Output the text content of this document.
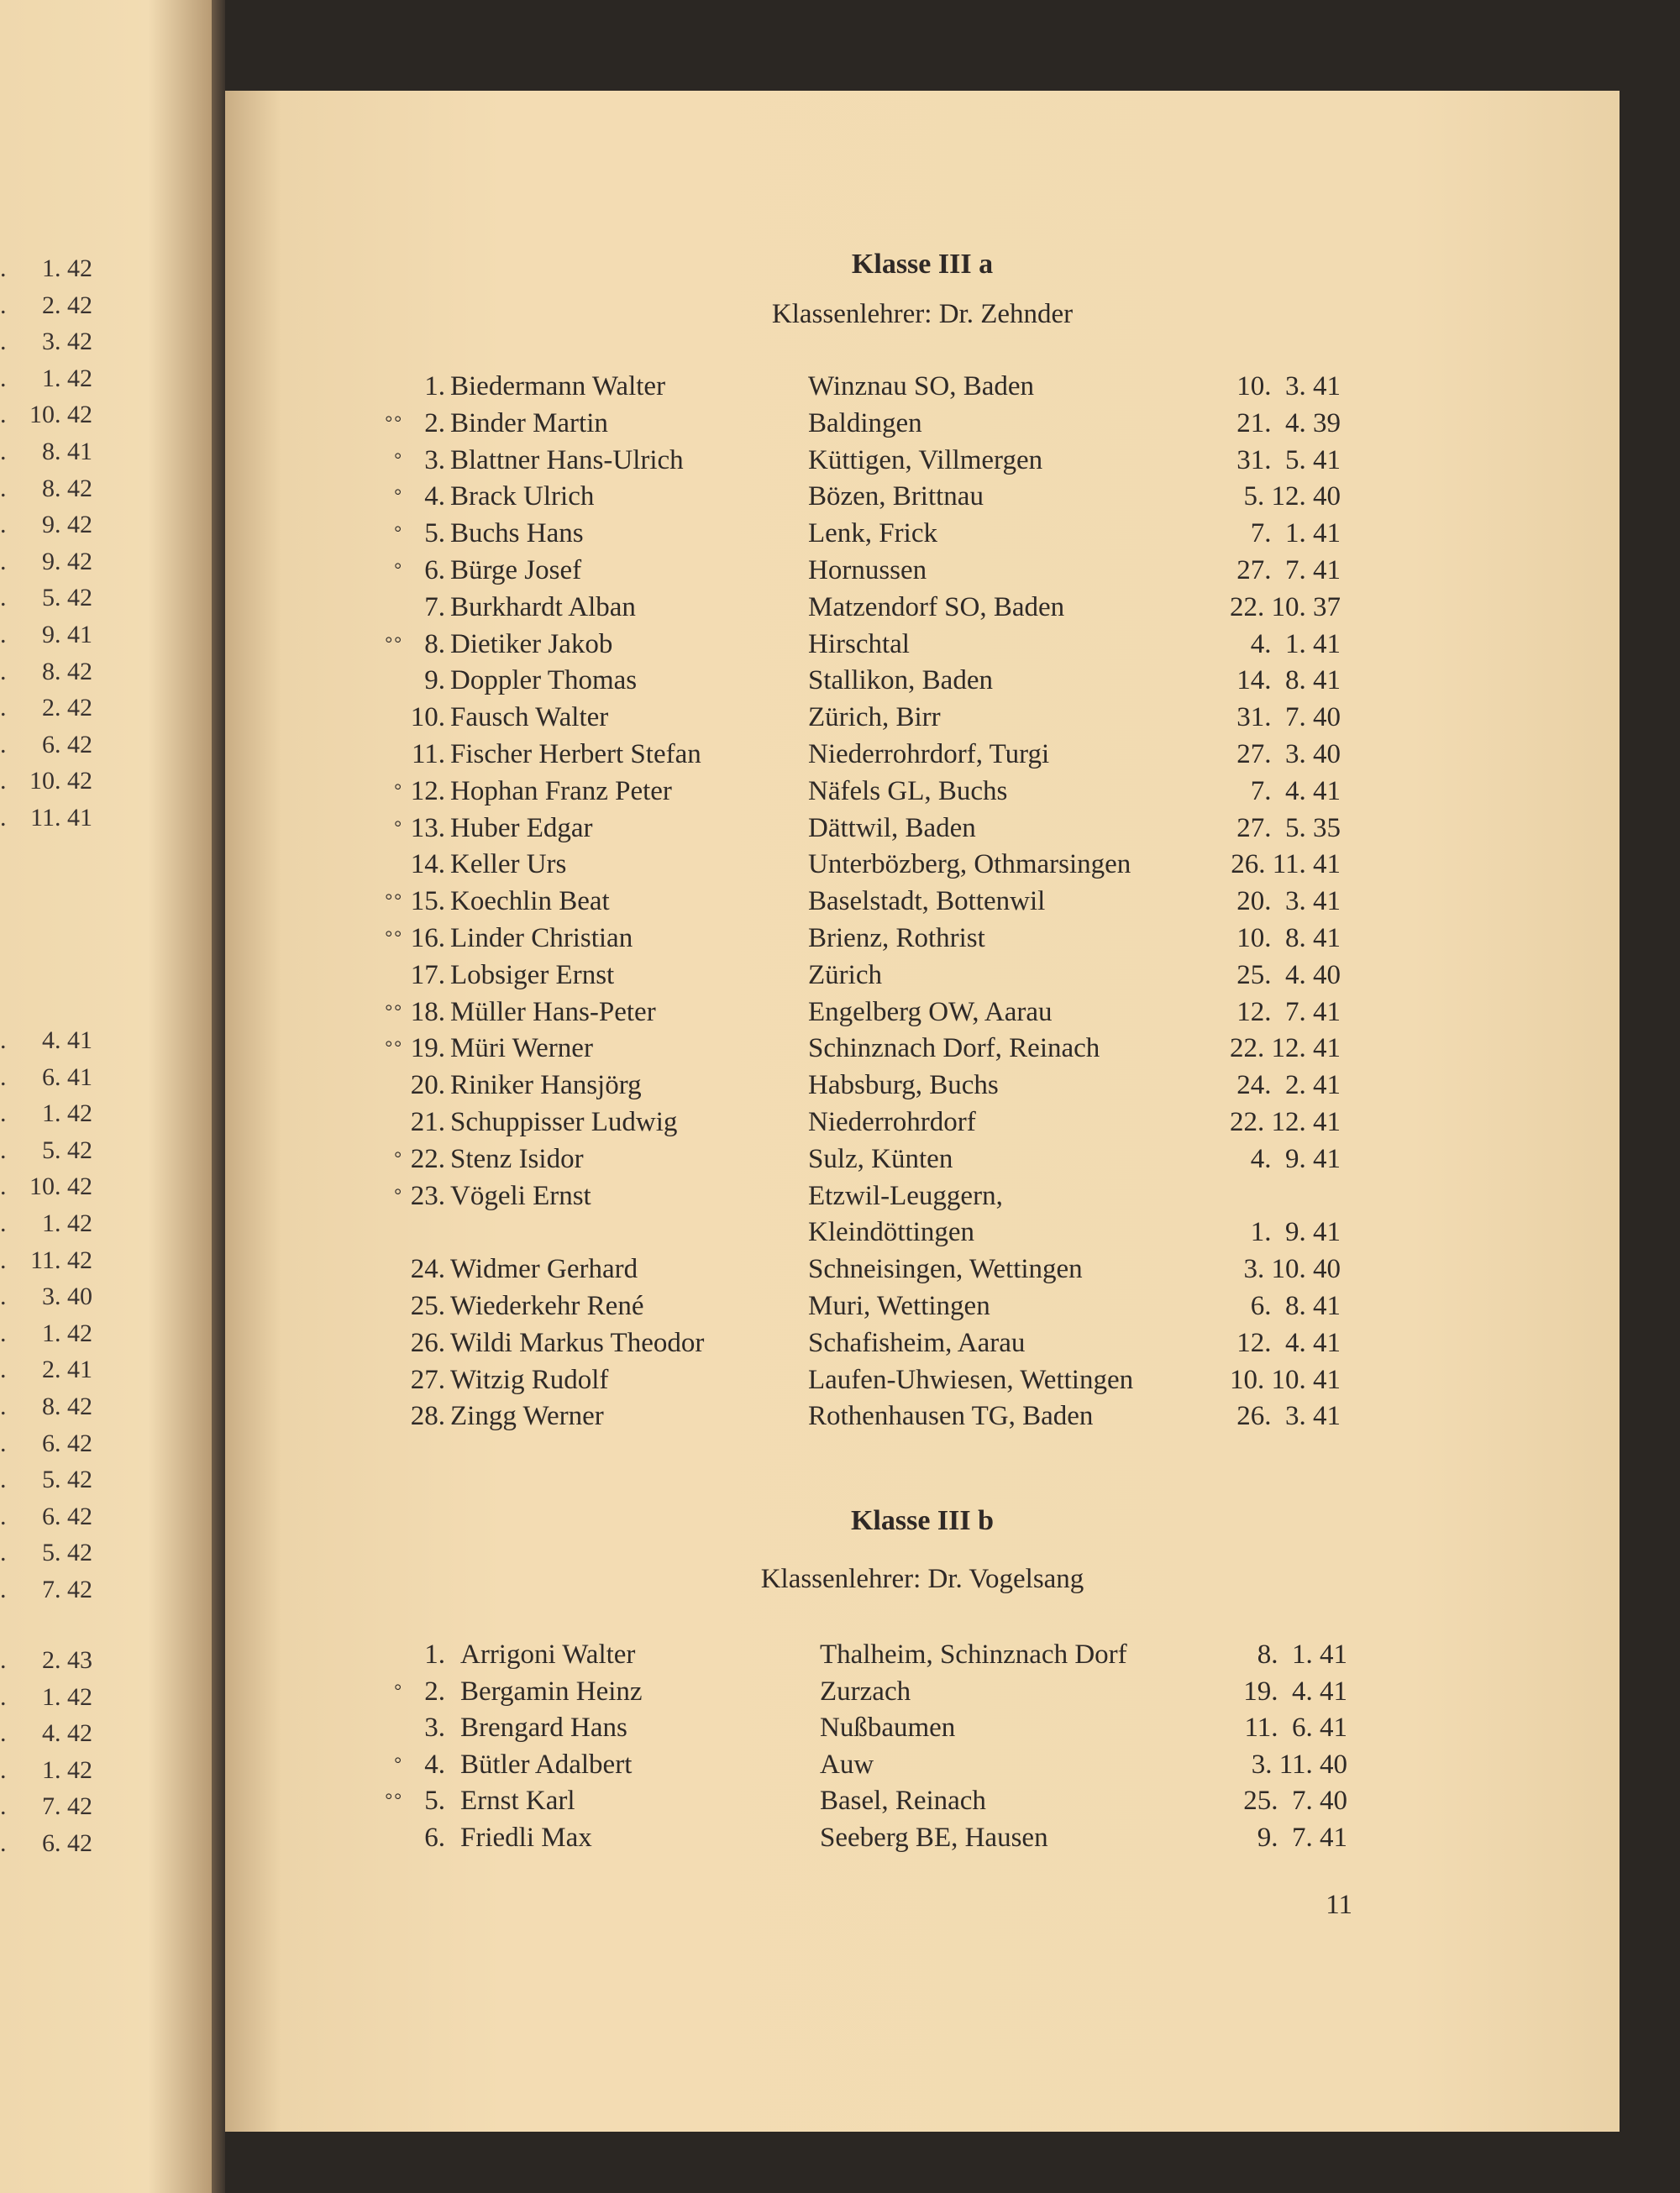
. 1. 42
. 2. 42
. 3. 42
. 1. 42
. 10. 42
. 8. 41
. 8. 42
. 9. 42
. 9. 42
. 5. 42
. 9. 41
. 8. 42
. 2. 42
. 6. 42
. 10. 42
. 11. 41
. 4. 41
. 6. 41
. 1. 42
. 5. 42
. 10. 42
. 1. 42
. 11. 42
. 3. 40
. 1. 42
. 2. 41
. 8. 42
. 6. 42
. 5. 42
. 6. 42
. 5. 42
. 7. 42
. 2. 43
. 1. 42
. 4. 42
. 1. 42
. 7. 42
. 6. 42
Klasse III a
Klassenlehrer: Dr. Zehnder
1. Biedermann Walter	Winznau SO, Baden	10.  3. 41
°° 2. Binder Martin	Baldingen	21.  4. 39
° 3. Blattner Hans-Ulrich	Küttigen, Villmergen	31.  5. 41
° 4. Brack Ulrich	Bözen, Brittnau	5. 12. 40
° 5. Buchs Hans	Lenk, Frick	7.  1. 41
° 6. Bürge Josef	Hornussen	27.  7. 41
7. Burkhardt Alban	Matzendorf SO, Baden	22. 10. 37
°° 8. Dietiker Jakob	Hirschtal	4.  1. 41
9. Doppler Thomas	Stallikon, Baden	14.  8. 41
10. Fausch Walter	Zürich, Birr	31.  7. 40
11. Fischer Herbert Stefan	Niederrohrdorf, Turgi	27.  3. 40
° 12. Hophan Franz Peter	Näfels GL, Buchs	7.  4. 41
° 13. Huber Edgar	Dättwil, Baden	27.  5. 35
14. Keller Urs	Unterbözberg, Othmarsingen	26. 11. 41
°° 15. Koechlin Beat	Baselstadt, Bottenwil	20.  3. 41
°° 16. Linder Christian	Brienz, Rothrist	10.  8. 41
17. Lobsiger Ernst	Zürich	25.  4. 40
°° 18. Müller Hans-Peter	Engelberg OW, Aarau	12.  7. 41
°° 19. Müri Werner	Schinznach Dorf, Reinach	22. 12. 41
20. Riniker Hansjörg	Habsburg, Buchs	24.  2. 41
21. Schuppisser Ludwig	Niederrohrdorf	22. 12. 41
° 22. Stenz Isidor	Sulz, Künten	4.  9. 41
° 23. Vögeli Ernst	Etzwil-Leuggern,
Kleindöttingen	1.  9. 41
24. Widmer Gerhard	Schneisingen, Wettingen	3. 10. 40
25. Wiederkehr René	Muri, Wettingen	6.  8. 41
26. Wildi Markus Theodor	Schafisheim, Aarau	12.  4. 41
27. Witzig Rudolf	Laufen-Uhwiesen, Wettingen	10. 10. 41
28. Zingg Werner	Rothenhausen TG, Baden	26.  3. 41
Klasse III b
Klassenlehrer: Dr. Vogelsang
1. Arrigoni Walter	Thalheim, Schinznach Dorf	8.  1. 41
° 2. Bergamin Heinz	Zurzach	19.  4. 41
3. Brengard Hans	Nußbaumen	11.  6. 41
° 4. Bütler Adalbert	Auw	3. 11. 40
°° 5. Ernst Karl	Basel, Reinach	25.  7. 40
6. Friedli Max	Seeberg BE, Hausen	9.  7. 41
11
